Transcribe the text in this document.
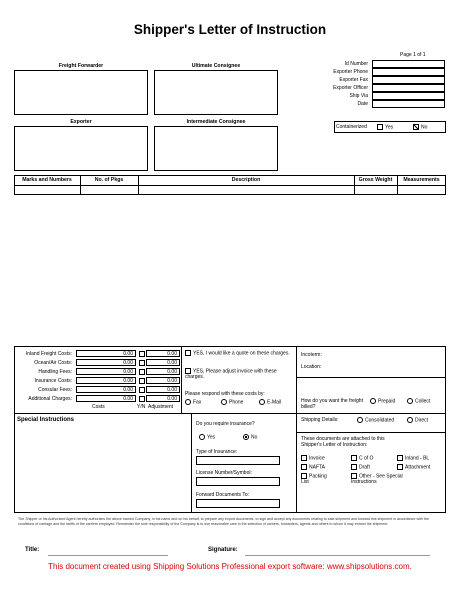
Shipper's Letter of Instruction
Page 1 of 1
Freight Forwarder	Ultimate Consignee
Exporter	Intermediate Consignee
Id Number
Exporter Phone
Exporter Fax
Exporter Officer
Ship Via
Date
Containerized	Yes	No
Marks and Numbers	No. of Pkgs	Description	Gross Weight	Measurements
Inland Freight Costs:	0.00	0.00
Ocean/Air Costs:	0.00	0.00
Handling Fees:	0.00	0.00
Insurance Costs:	0.00	0.00
Consular Fees:	0.00	0.00
Additional Charges:	0.00	0.00
Costs	Y/N Adjustment
YES, I would like a quote on these charges.
YES, Please adjust invoice with these charges.
Please respond with these costs by:
Fax	Phone	E-Mail
Incoterm:
Location:
How do you want the freight billed?
Prepaid	Collect
Shipping Details:	Consolidated	Direct
Special Instructions
Do you require insurance?
Yes	No
Type of Insurance:
License Number/Symbol:
Forward Documents To:
These documents are attached to this Shipper's Letter of Instruction:
Invoice	C of O	Inland - BL
NAFTA	Draft	Attachment
Packing List
Other - See Special Instructions
The Shipper or his Authorized Agent hereby authorizes the above named Company, in his name and on his behalf, to prepare any export documents, to sign and accept any documents relating to said shipment and forward this shipment in accordance with the conditions of carriage and the tariffs of the carriers employed. Remainder the sole responsibility of the Company is to use reasonable care in the selection of carriers, forwarders, agents and others to whom it may entrust the shipment.
Title:	Signature:
This document created using Shipping Solutions Professional export software: www.shipsolutions.com.
